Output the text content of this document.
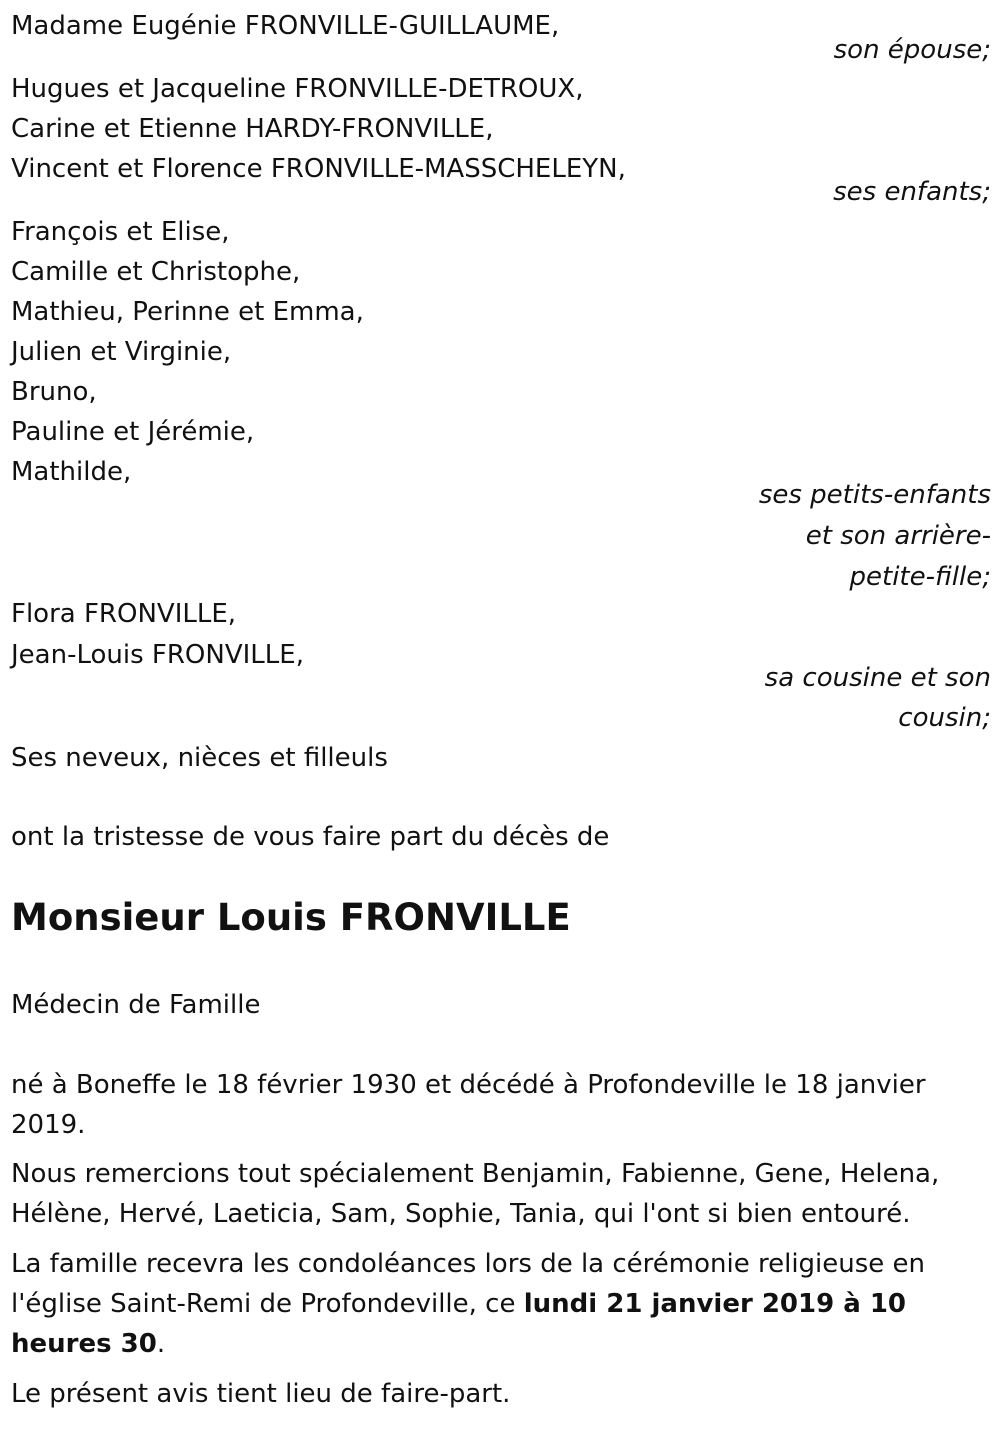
Madame Eugénie FRONVILLE-GUILLAUME,
son épouse;
Hugues et Jacqueline FRONVILLE-DETROUX,
Carine et Etienne HARDY-FRONVILLE,
Vincent et Florence FRONVILLE-MASSCHELEYN,
ses enfants;
François et Elise,
Camille et Christophe,
Mathieu, Perinne et Emma,
Julien et Virginie,
Bruno,
Pauline et Jérémie,
Mathilde,
ses petits-enfants
et son arrière-
petite-fille;
Flora FRONVILLE,
Jean-Louis FRONVILLE,
sa cousine et son
cousin;
Ses neveux, nièces et filleuls
ont la tristesse de vous faire part du décès de
Monsieur Louis FRONVILLE
Médecin de Famille
né à Boneffe le 18 février 1930 et décédé à Profondeville le 18 janvier 2019.
Nous remercions tout spécialement Benjamin, Fabienne, Gene, Helena, Hélène, Hervé, Laeticia, Sam, Sophie, Tania, qui l'ont si bien entouré.
La famille recevra les condoléances lors de la cérémonie religieuse en l'église Saint-Remi de Profondeville, ce lundi 21 janvier 2019 à 10 heures 30.
Le présent avis tient lieu de faire-part.
